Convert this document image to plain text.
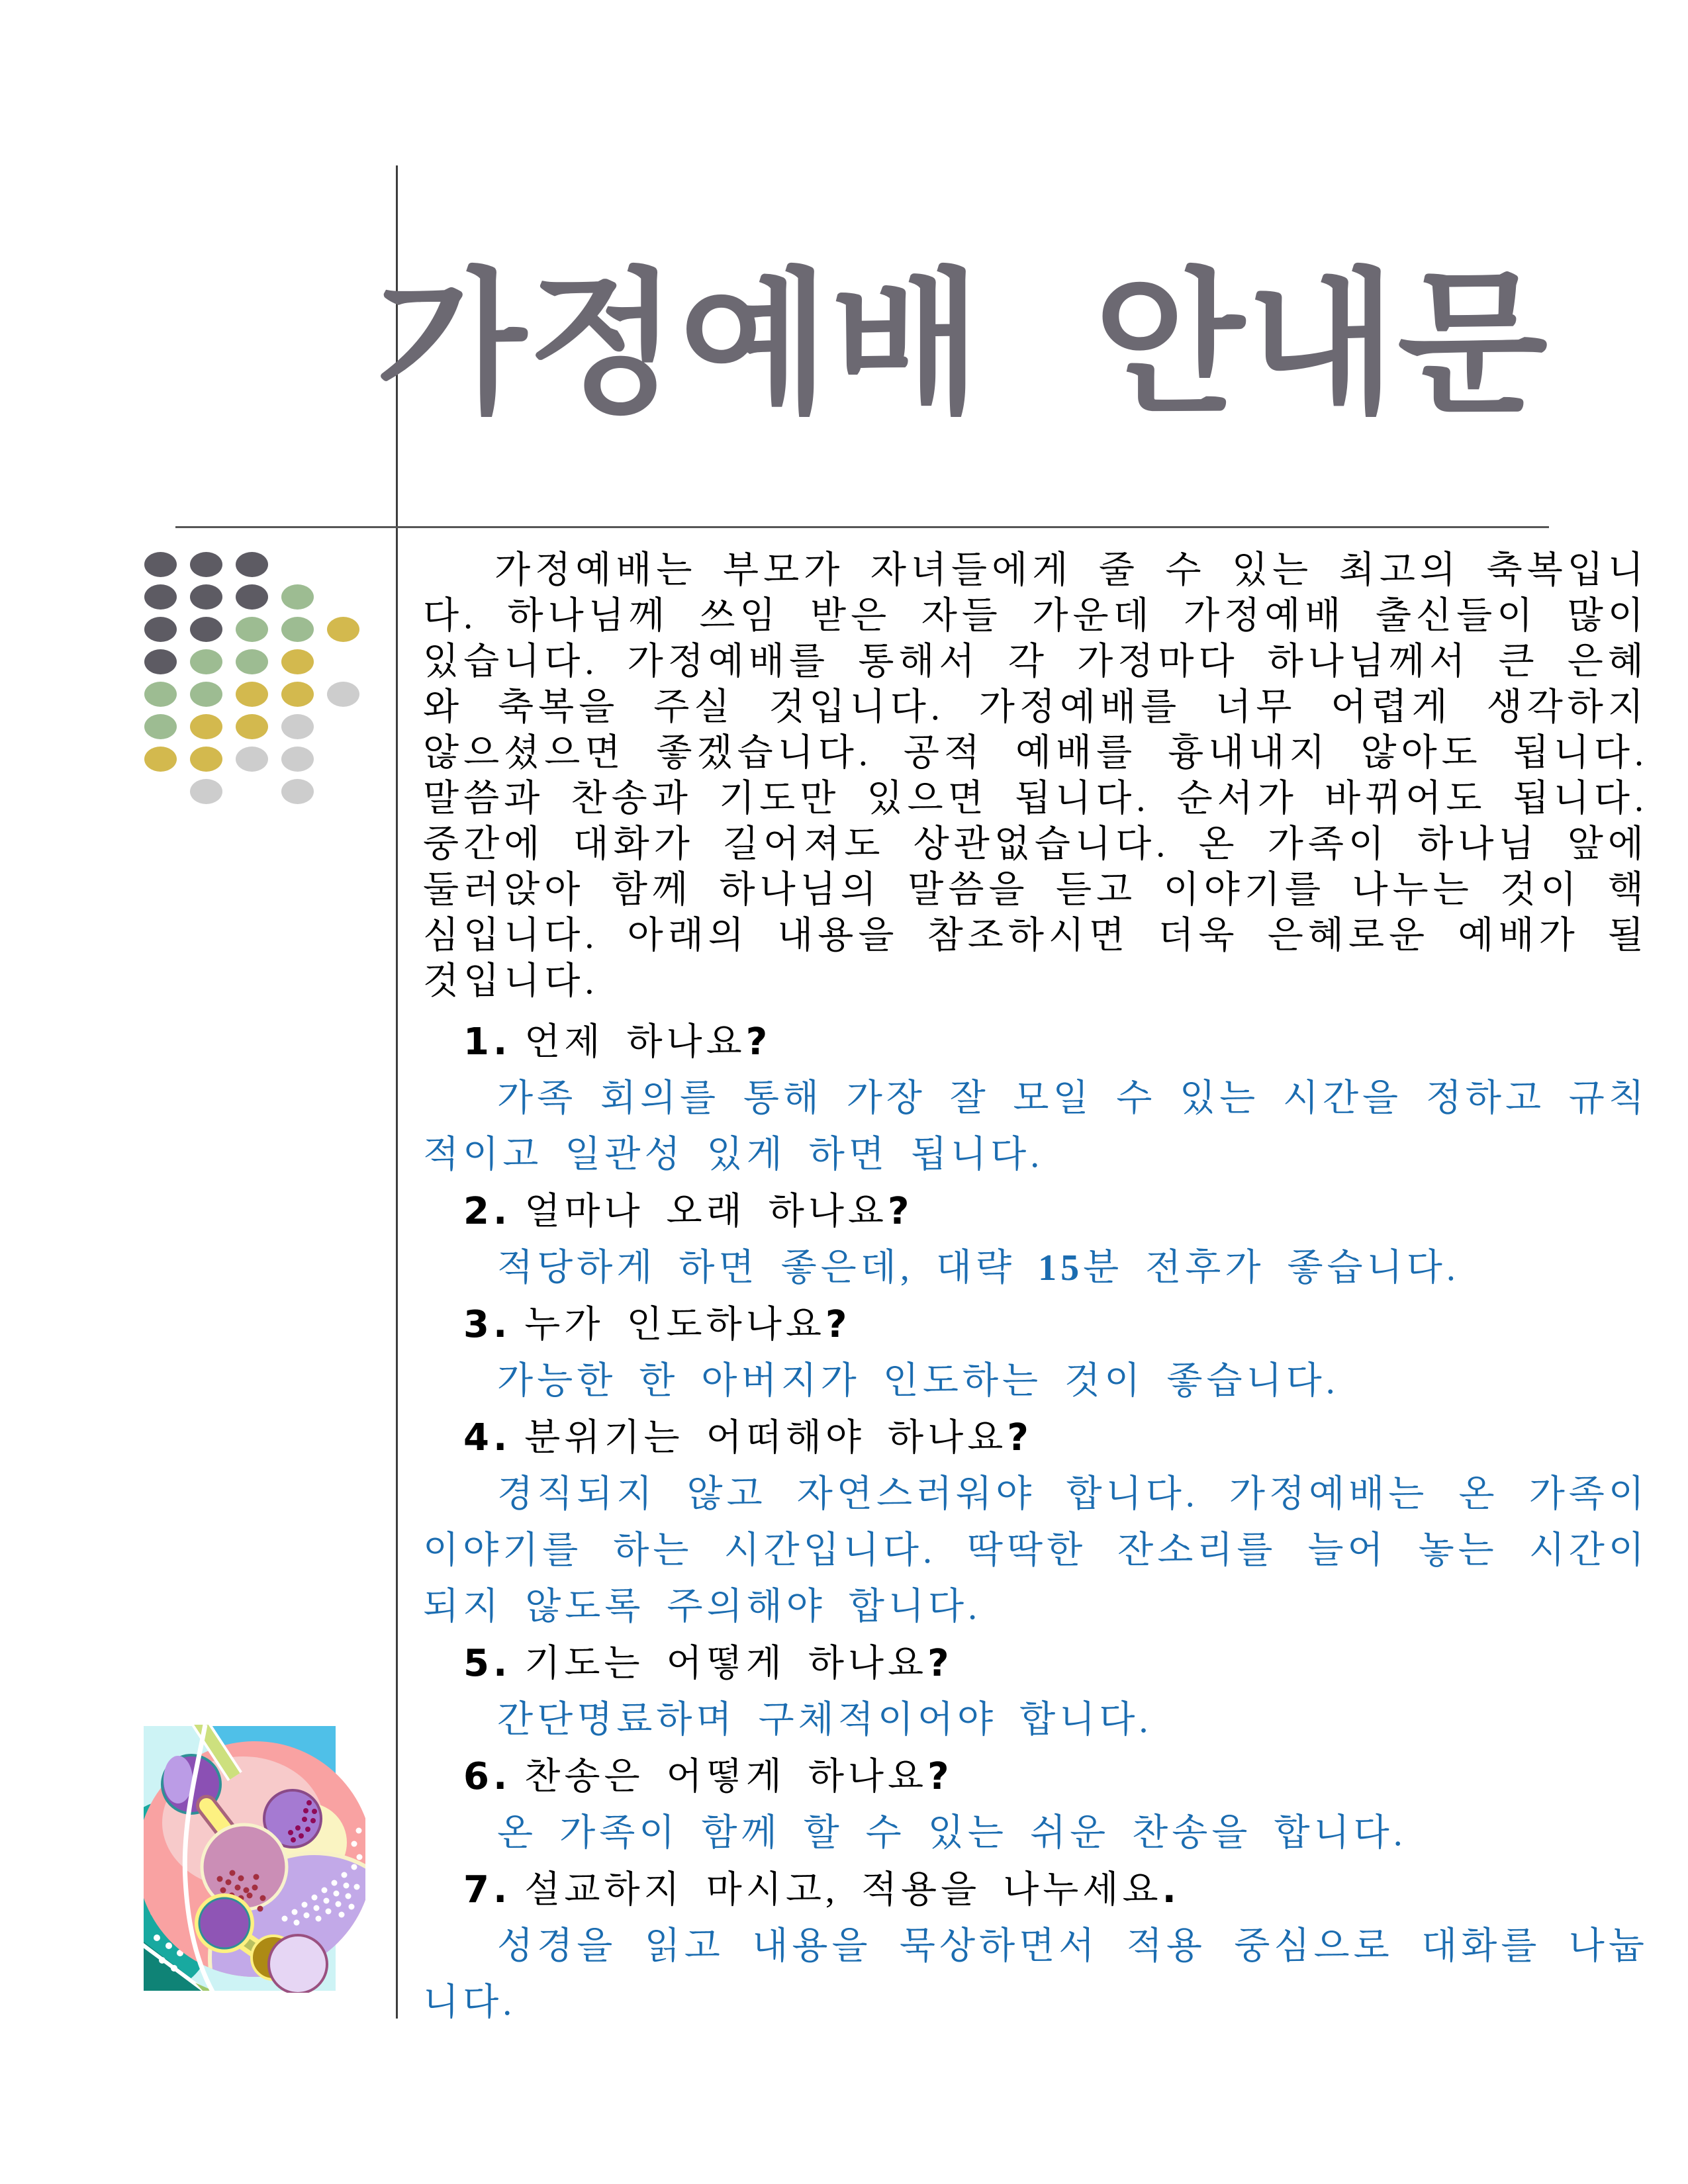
가정예배 안내문

가정예배는 부모가 자녀들에게 줄 수 있는 최고의 축복입니다. 하나님께 쓰임 받은 자들 가운데 가정예배 출신들이 많이 있습니다. 가정예배를 통해서 각 가정마다 하나님께서 큰 은혜와 축복을 주실 것입니다. 가정예배를 너무 어렵게 생각하지 않으셨으면 좋겠습니다. 공적 예배를 흉내내지 않아도 됩니다. 말씀과 찬송과 기도만 있으면 됩니다. 순서가 바뀌어도 됩니다. 중간에 대화가 길어져도 상관없습니다. 온 가족이 하나님 앞에 둘러앉아 함께 하나님의 말씀을 듣고 이야기를 나누는 것이 핵심입니다. 아래의 내용을 참조하시면 더욱 은혜로운 예배가 될 것입니다.

1. 언제 하나요?
가족 회의를 통해 가장 잘 모일 수 있는 시간을 정하고 규칙적이고 일관성 있게 하면 됩니다.
2. 얼마나 오래 하나요?
적당하게 하면 좋은데, 대략 15분 전후가 좋습니다.
3. 누가 인도하나요?
가능한 한 아버지가 인도하는 것이 좋습니다.
4. 분위기는 어떠해야 하나요?
경직되지 않고 자연스러워야 합니다. 가정예배는 온 가족이 이야기를 하는 시간입니다. 딱딱한 잔소리를 늘어 놓는 시간이 되지 않도록 주의해야 합니다.
5. 기도는 어떻게 하나요?
간단명료하며 구체적이어야 합니다.
6. 찬송은 어떻게 하나요?
온 가족이 함께 할 수 있는 쉬운 찬송을 합니다.
7. 설교하지 마시고, 적용을 나누세요.
성경을 읽고 내용을 묵상하면서 적용 중심으로 대화를 나눕니다.
